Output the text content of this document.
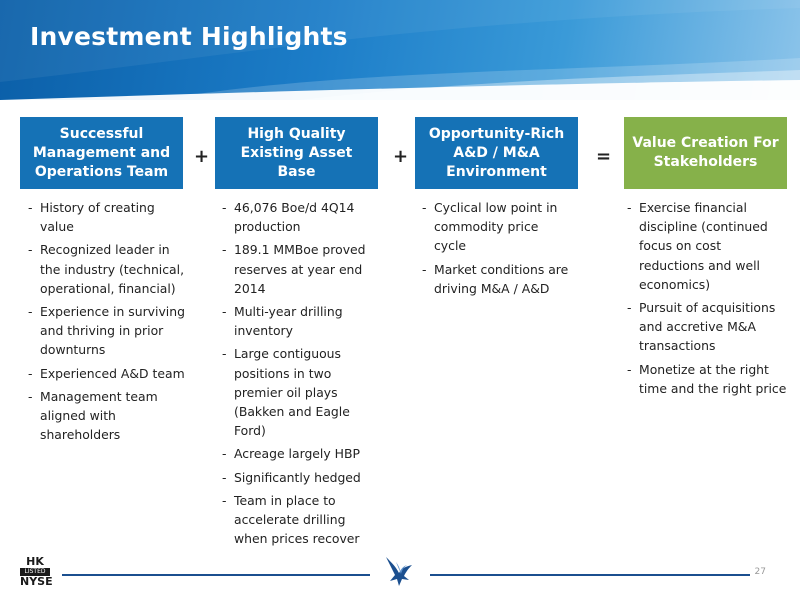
Investment Highlights
Successful Management and Operations Team
+
High Quality Existing Asset Base
+
Opportunity-Rich A&D / M&A Environment
=
Value Creation For Stakeholders
- History of creating value
- Recognized leader in the industry (technical, operational, financial)
- Experience in surviving and thriving in prior downturns
- Experienced A&D team
- Management team aligned with shareholders
- 46,076 Boe/d 4Q14 production
- 189.1 MMBoe proved reserves at year end 2014
- Multi-year drilling inventory
- Large contiguous positions in two premier oil plays (Bakken and Eagle Ford)
- Acreage largely HBP
- Significantly hedged
- Team in place to accelerate drilling when prices recover
- Cyclical low point in commodity price cycle
- Market conditions are driving M&A / A&D
- Exercise financial discipline (continued focus on cost reductions and well economics)
- Pursuit of acquisitions and accretive M&A transactions
- Monetize at the right time and the right price
HK
LISTED
NYSE
27
